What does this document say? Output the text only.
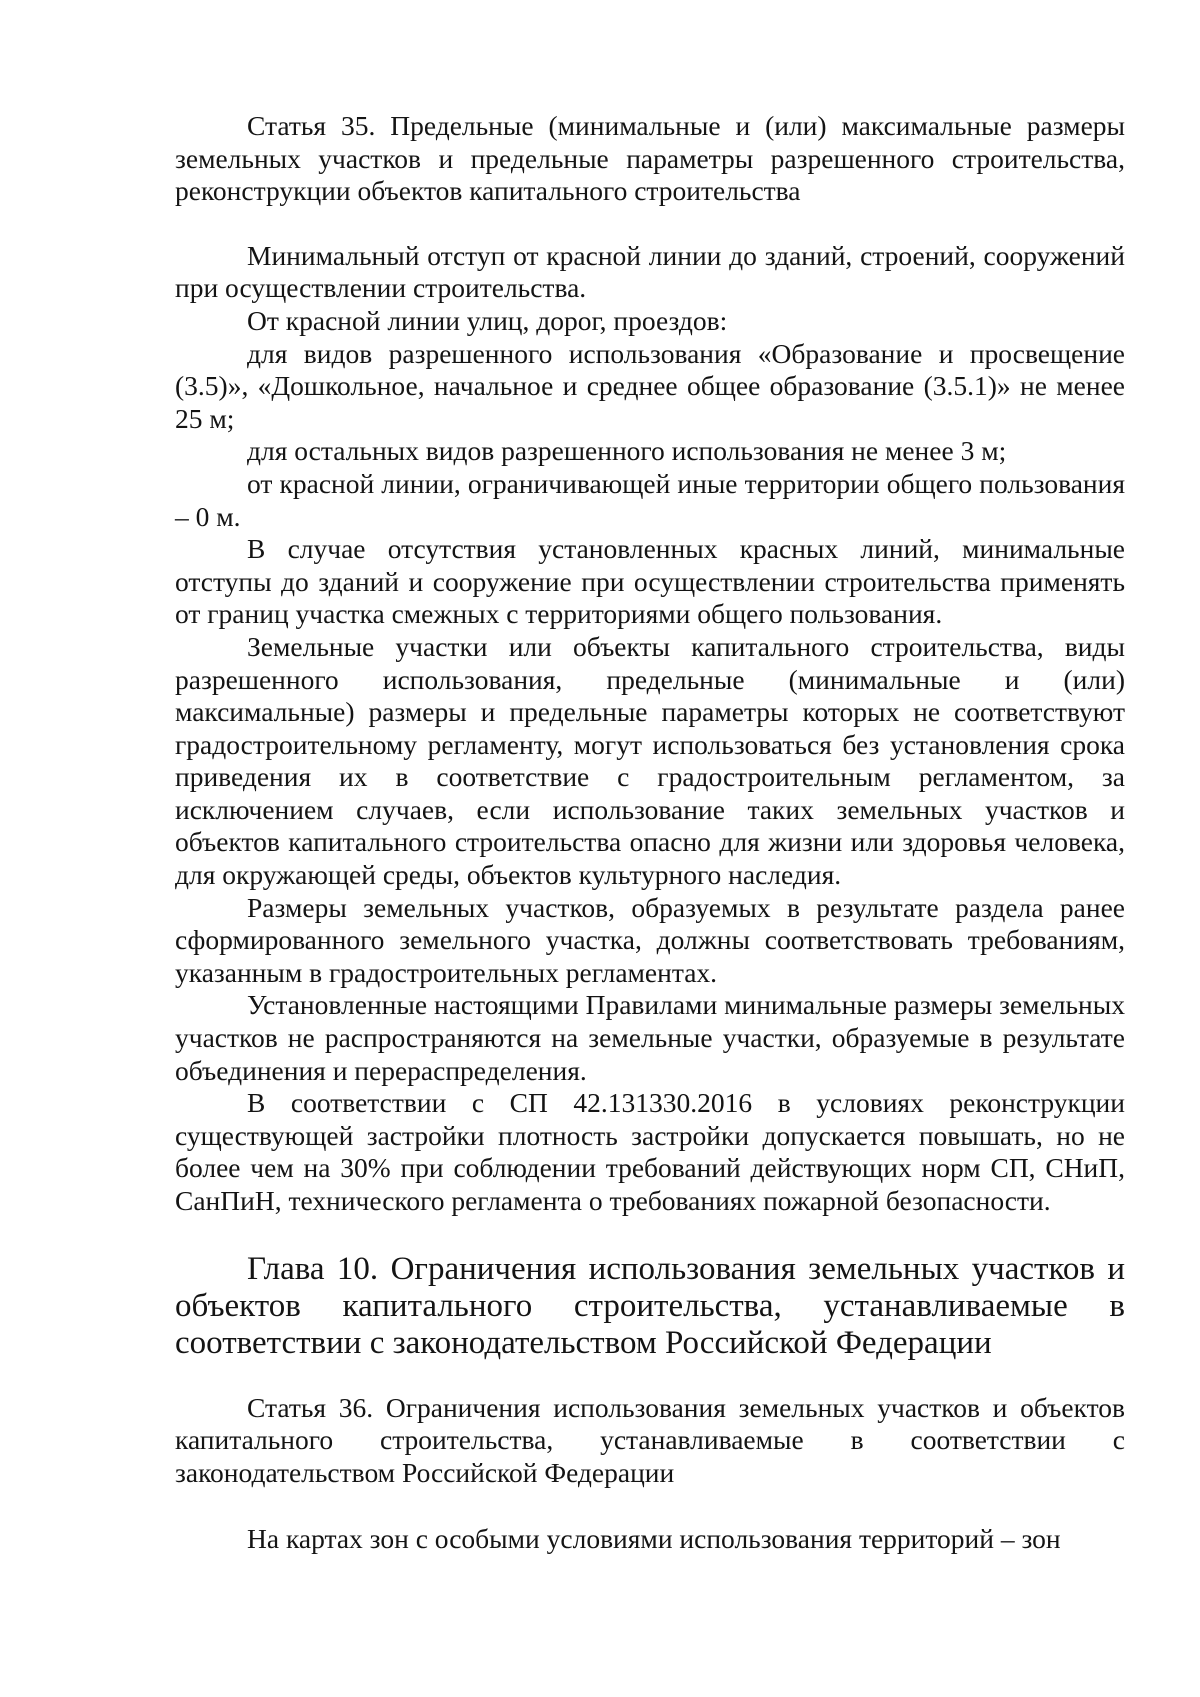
Статья 35. Предельные (минимальные и (или) максимальные размеры земельных участков и предельные параметры разрешенного строительства, реконструкции объектов капитального строительства

Минимальный отступ от красной линии до зданий, строений, сооружений при осуществлении строительства.

От красной линии улиц, дорог, проездов:

для видов разрешенного использования «Образование и просвещение (3.5)», «Дошкольное, начальное и среднее общее образование (3.5.1)» не менее 25 м;

для остальных видов разрешенного использования не менее 3 м;

от красной линии, ограничивающей иные территории общего пользования – 0 м.

В случае отсутствия установленных красных линий, минимальные отступы до зданий и сооружение при осуществлении строительства применять от границ участка смежных с территориями общего пользования.

Земельные участки или объекты капитального строительства, виды разрешенного использования, предельные (минимальные и (или) максимальные) размеры и предельные параметры которых не соответствуют градостроительному регламенту, могут использоваться без установления срока приведения их в соответствие с градостроительным регламентом, за исключением случаев, если использование таких земельных участков и объектов капитального строительства опасно для жизни или здоровья человека, для окружающей среды, объектов культурного наследия.

Размеры земельных участков, образуемых в результате раздела ранее сформированного земельного участка, должны соответствовать требованиям, указанным в градостроительных регламентах.

Установленные настоящими Правилами минимальные размеры земельных участков не распространяются на земельные участки, образуемые в результате объединения и перераспределения.

В соответствии с СП 42.131330.2016 в условиях реконструкции существующей застройки плотность застройки допускается повышать, но не более чем на 30% при соблюдении требований действующих норм СП, СНиП, СанПиН, технического регламента о требованиях пожарной безопасности.

Глава 10. Ограничения использования земельных участков и объектов капитального строительства, устанавливаемые в соответствии с законодательством Российской Федерации

Статья 36. Ограничения использования земельных участков и объектов капитального строительства, устанавливаемые в соответствии с законодательством Российской Федерации

На картах зон с особыми условиями использования территорий – зон
